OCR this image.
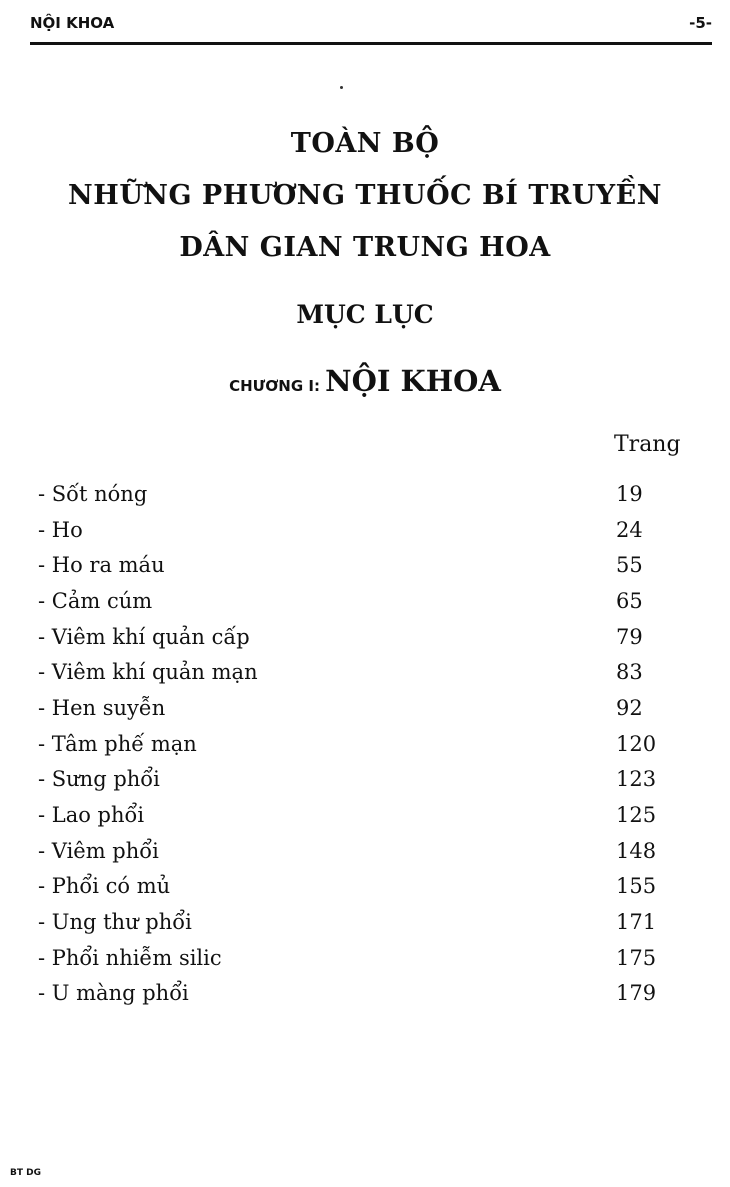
NỘI KHOA	-5-
TOÀN BỘ
NHỮNG PHƯƠNG THUỐC BÍ TRUYỀN
DÂN GIAN TRUNG HOA
MỤC LỤC
CHƯƠNG I: NỘI KHOA
Trang
- Sốt nóng	19
- Ho	24
- Ho ra máu	55
- Cảm cúm	65
- Viêm khí quản cấp	79
- Viêm khí quản mạn	83
- Hen suyễn	92
- Tâm phế mạn	120
- Sưng phổi	123
- Lao phổi	125
- Viêm phổi	148
- Phổi có mủ	155
- Ung thư phổi	171
- Phổi nhiễm silic	175
- U màng phổi	179
BT DG
